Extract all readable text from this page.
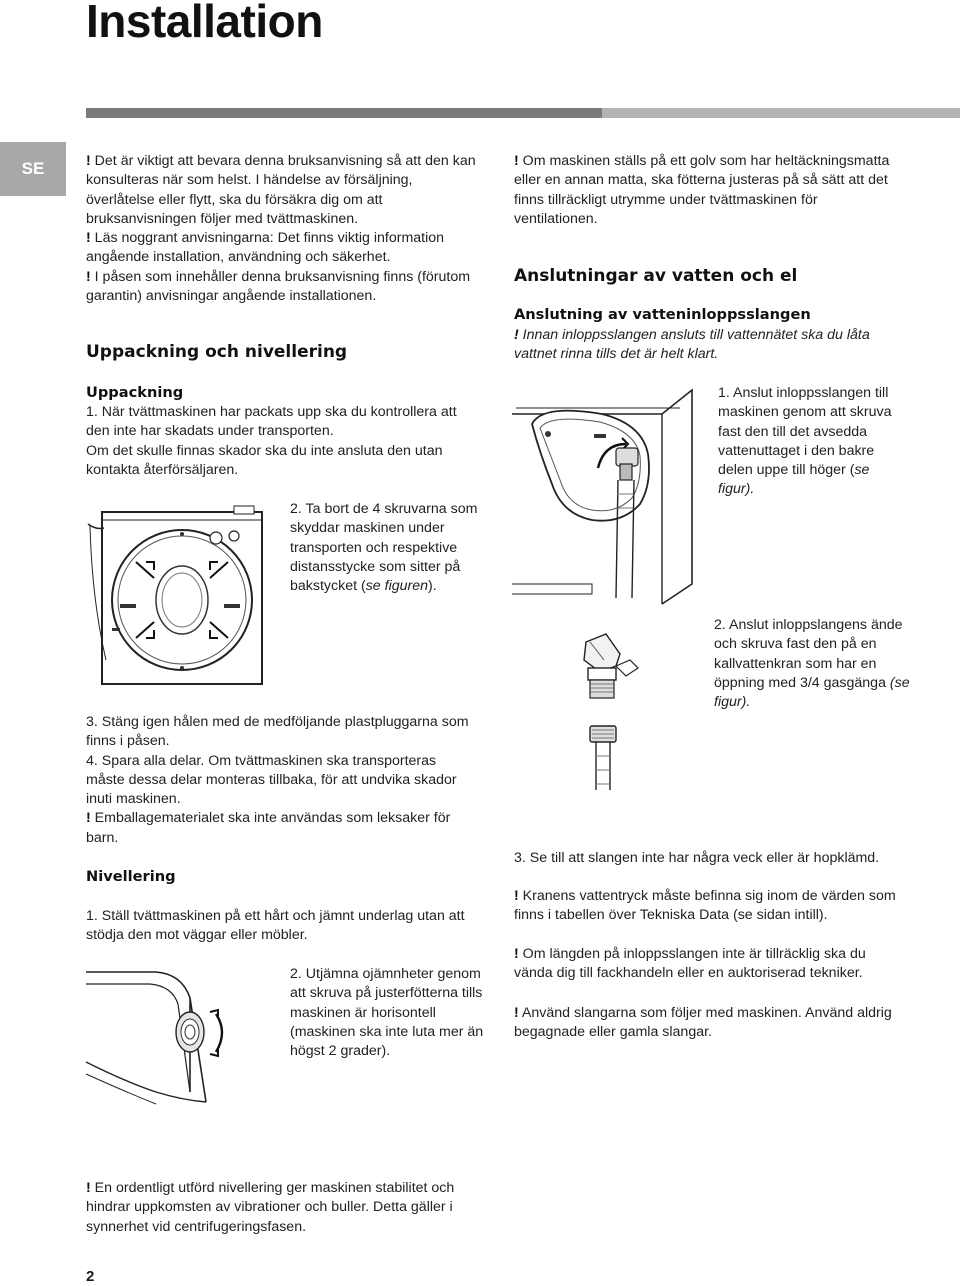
Installation
SE	! Det är viktigt att bevara denna bruksanvisning så att den kan konsulteras när som helst. I händelse av försäljning, överlåtelse eller flytt, ska du försäkra dig om att bruksanvisningen följer med tvättmaskinen.
! Läs noggrant anvisningarna: Det finns viktig information angående installation, användning och säkerhet.
! I påsen som innehåller denna bruksanvisning finns (förutom garantin) anvisningar angående installationen.
Uppackning och nivellering
Uppackning
1. När tvättmaskinen har packats upp ska du kontrollera att den inte har skadats under transporten.
Om det skulle finnas skador ska du inte ansluta den utan kontakta återförsäljaren.
2. Ta bort de 4 skruvarna som skyddar maskinen under transporten och respektive distansstycke som sitter på bakstycket (se figuren).
3. Stäng igen hålen med de medföljande plastpluggarna som finns i påsen.
4. Spara alla delar. Om tvättmaskinen ska transporteras måste dessa delar monteras tillbaka, för att undvika skador inuti maskinen.
! Emballagematerialet ska inte användas som leksaker för barn.
Nivellering
1. Ställ tvättmaskinen på ett hårt och jämnt underlag utan att stödja den mot väggar eller möbler.
2. Utjämna ojämnheter genom att skruva på justerfötterna tills maskinen är horisontell (maskinen ska inte luta mer än högst 2 grader).
! En ordentligt utförd nivellering ger maskinen stabilitet och hindrar uppkomsten av vibrationer och buller. Detta gäller i synnerhet vid centrifugeringsfasen.
! Om maskinen ställs på ett golv som har heltäckningsmatta eller en annan matta, ska fötterna justeras på så sätt att det finns tillräckligt utrymme under tvättmaskinen för ventilationen.
Anslutningar av vatten och el
Anslutning av vatteninloppsslangen
! Innan inloppsslangen ansluts till vattennätet ska du låta vattnet rinna tills det är helt klart.
1. Anslut inloppsslangen till maskinen genom att skruva fast den till det avsedda vattenuttaget i den bakre delen uppe till höger (se figur).
2. Anslut inloppslangens ände och skruva fast den på en kallvattenkran som har en öppning med 3/4 gasgänga (se figur).
3. Se till att slangen inte har några veck eller är hopklämd.
! Kranens vattentryck måste befinna sig inom de värden som finns i tabellen över Tekniska Data (se sidan intill).
! Om längden på inloppsslangen inte är tillräcklig ska du vända dig till fackhandeln eller en auktoriserad tekniker.
! Använd slangarna som följer med maskinen. Använd aldrig begagnade eller gamla slangar.
2
